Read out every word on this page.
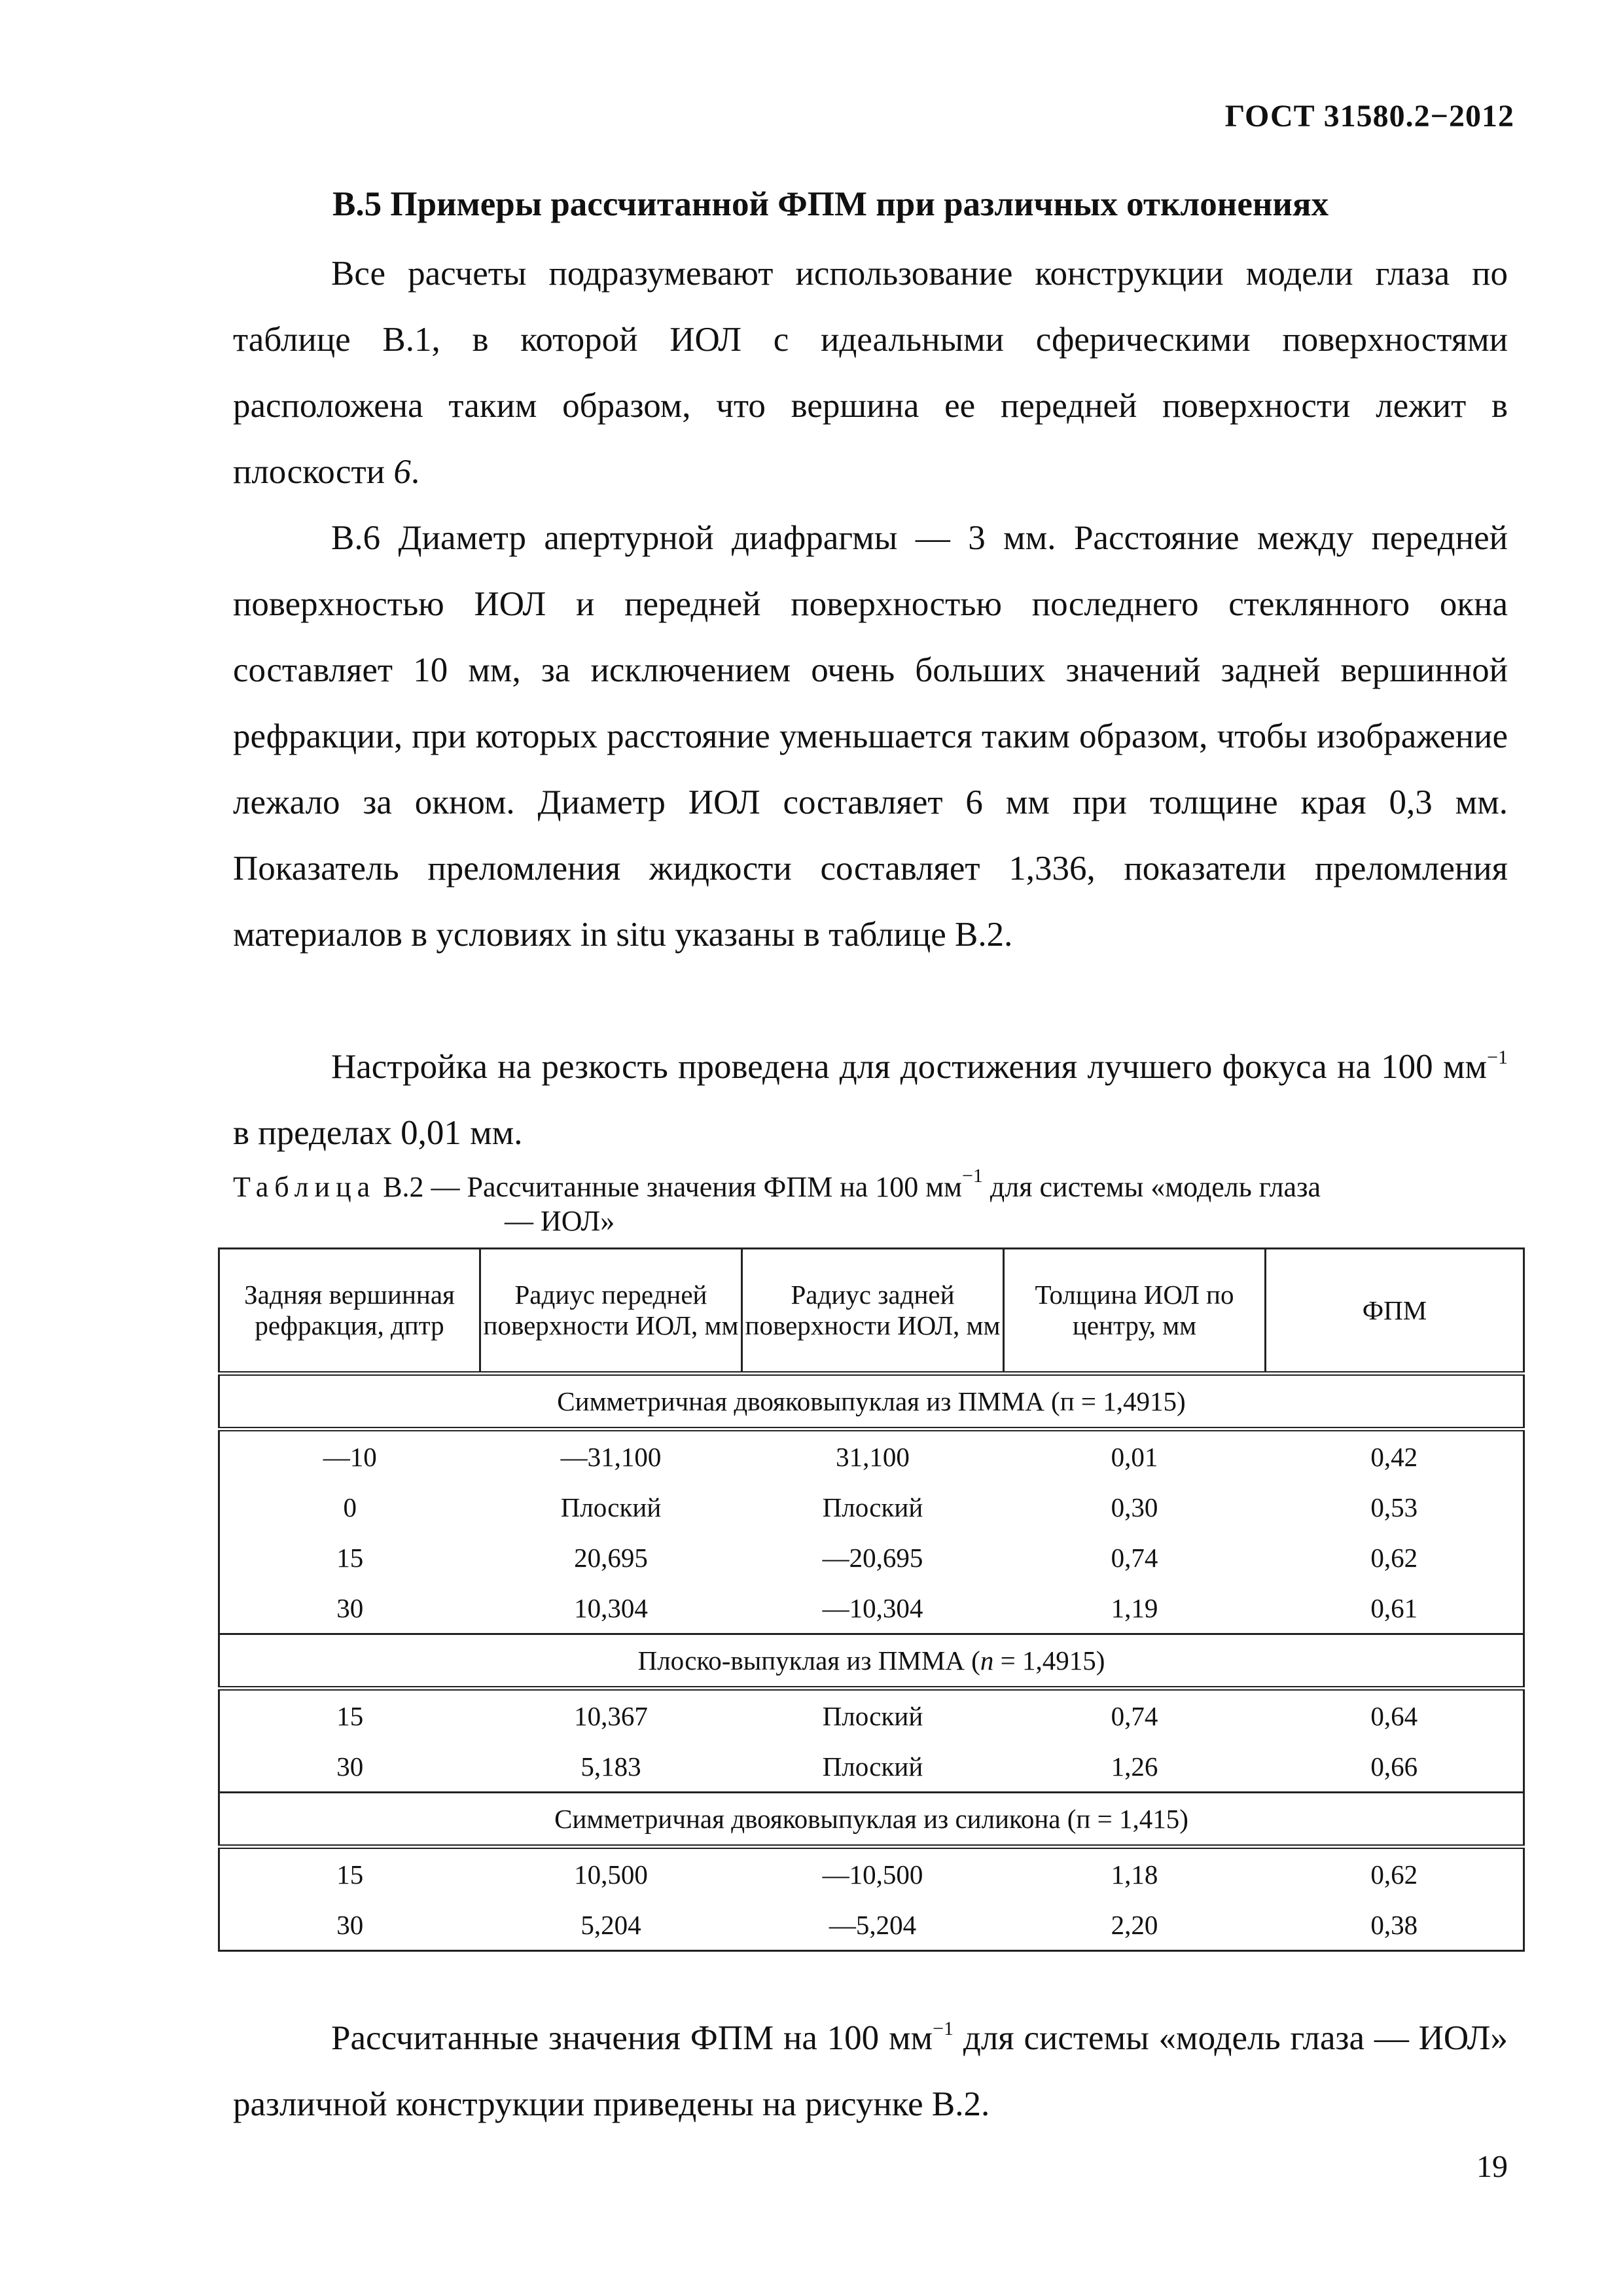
ГОСТ 31580.2−2012
В.5 Примеры рассчитанной ФПМ при различных отклонениях
Все расчеты подразумевают использование конструкции модели глаза по таблице В.1, в которой ИОЛ с идеальными сферическими поверхностями расположена таким образом, что вершина ее передней поверхности лежит в плоскости 6.
В.6 Диаметр апертурной диафрагмы — 3 мм. Расстояние между передней поверхностью ИОЛ и передней поверхностью последнего стеклянного окна составляет 10 мм, за исключением очень больших значений задней вершинной рефракции, при которых расстояние уменьшается таким образом, чтобы изображение лежало за окном. Диаметр ИОЛ составляет 6 мм при толщине края 0,3 мм. Показатель преломления жидкости составляет 1,336, показатели преломления материалов в условиях in situ указаны в таблице В.2.
Настройка на резкость проведена для достижения лучшего фокуса на 100 $мм^{-1}$ в пределах 0,01 мм.
Таблица В.2 — Рассчитанные значения ФПМ на 100 $мм^{-1}$ для системы «модель глаза
— ИОЛ»
Задняя вершинная рефракция, дптр	Радиус передней поверхности ИОЛ, мм	Радиус задней поверхности ИОЛ, мм	Толщина ИОЛ по центру, мм	ФПМ
Симметричная двояковыпуклая из ПММА (п = 1,4915)				
—10	—31,100	31,100	0,01	0,42
0	Плоский	Плоский	0,30	0,53
15	20,695	—20,695	0,74	0,62
30	10,304	—10,304	1,19	0,61
Плоско-выпуклая из ПММА (n = 1,4915)				
15	10,367	Плоский	0,74	0,64
30	5,183	Плоский	1,26	0,66
Симметричная двояковыпуклая из силикона (п = 1,415)				
15	10,500	—10,500	1,18	0,62
30	5,204	—5,204	2,20	0,38
Рассчитанные значения ФПМ на 100 $мм^{-1}$ для системы «модель глаза — ИОЛ» различной конструкции приведены на рисунке В.2.
19
